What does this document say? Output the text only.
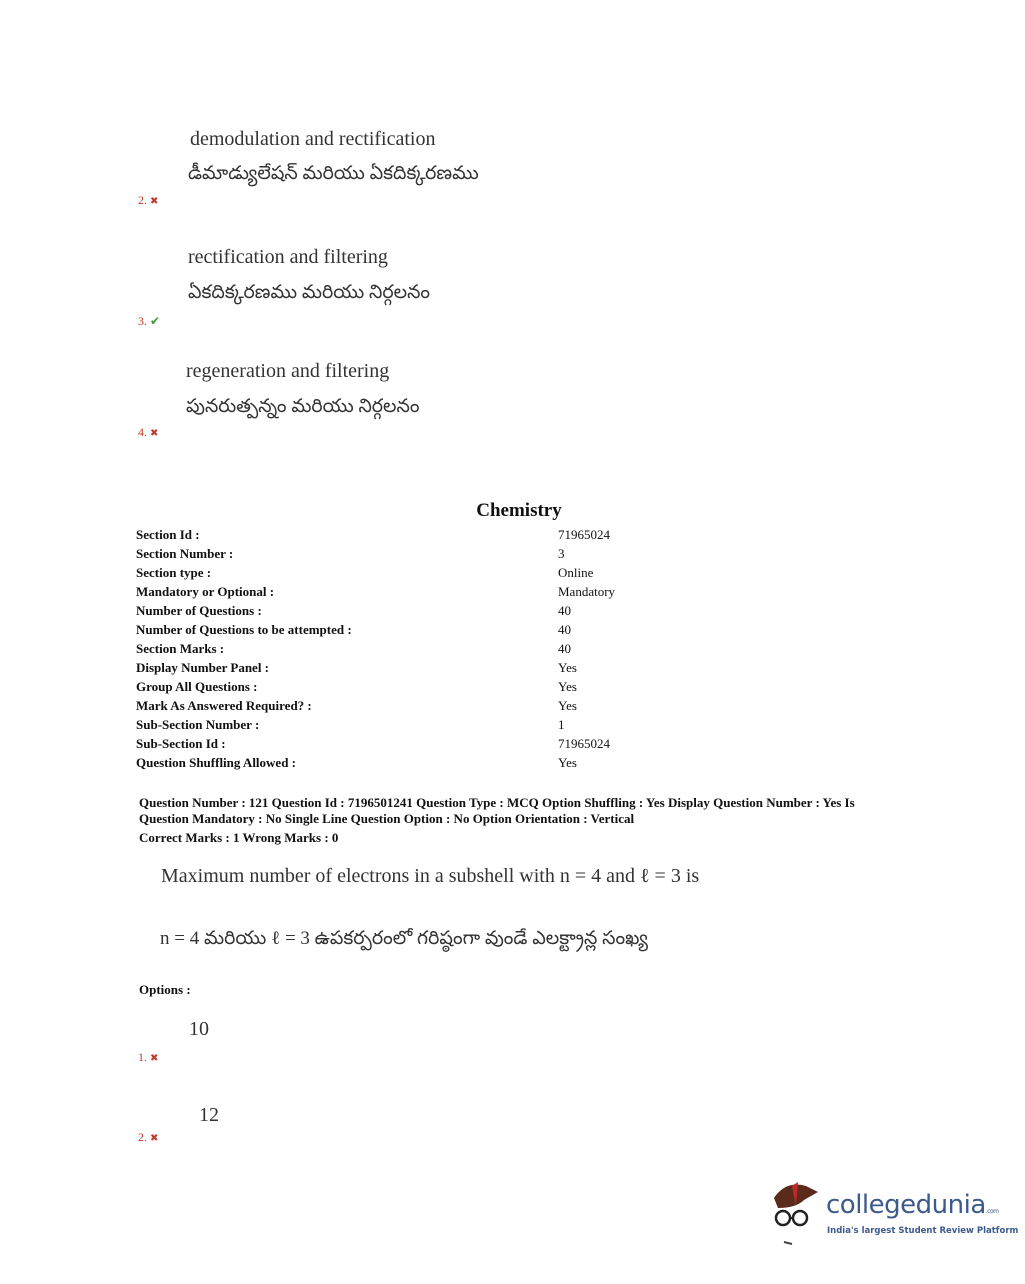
demodulation and rectification
డీమాడ్యులేషన్ మరియు ఏకదిక్కరణము
2. ✖
rectification and filtering
ఏకదిక్కరణము మరియు నిర్గలనం
3. ✔
regeneration and filtering
పునరుత్పన్నం మరియు నిర్గలనం
4. ✖
Chemistry
Section Id :	71965024
Section Number :	3
Section type :	Online
Mandatory or Optional :	Mandatory
Number of Questions :	40
Number of Questions to be attempted :	40
Section Marks :	40
Display Number Panel :	Yes
Group All Questions :	Yes
Mark As Answered Required? :	Yes
Sub-Section Number :	1
Sub-Section Id :	71965024
Question Shuffling Allowed :	Yes
Question Number : 121 Question Id : 7196501241 Question Type : MCQ Option Shuffling : Yes Display Question Number : Yes Is
Question Mandatory : No Single Line Question Option : No Option Orientation : Vertical
Correct Marks : 1 Wrong Marks : 0
Maximum number of electrons in a subshell with n = 4 and ℓ = 3 is
n = 4 మరియు ℓ = 3 ఉపకర్పరంలో గరిష్ఠంగా వుండే ఎలక్ట్రాన్ల సంఖ్య
Options :
10
1. ✖
12
2. ✖
collegedunia.com
India's largest Student Review Platform
